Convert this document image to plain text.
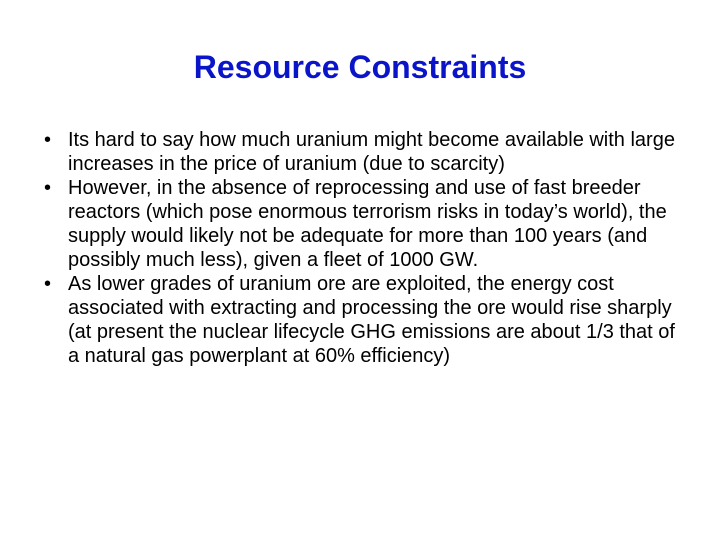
Resource Constraints
• Its hard to say how much uranium might become available with large increases in the price of uranium (due to scarcity)
• However, in the absence of reprocessing and use of fast breeder reactors (which pose enormous terrorism risks in today’s world), the supply would likely not be adequate for more than 100 years (and possibly much less), given a fleet of 1000 GW.
• As lower grades of uranium ore are exploited, the energy cost associated with extracting and processing the ore would rise sharply (at present the nuclear lifecycle GHG emissions are about 1/3 that of a natural gas powerplant at 60% efficiency)
